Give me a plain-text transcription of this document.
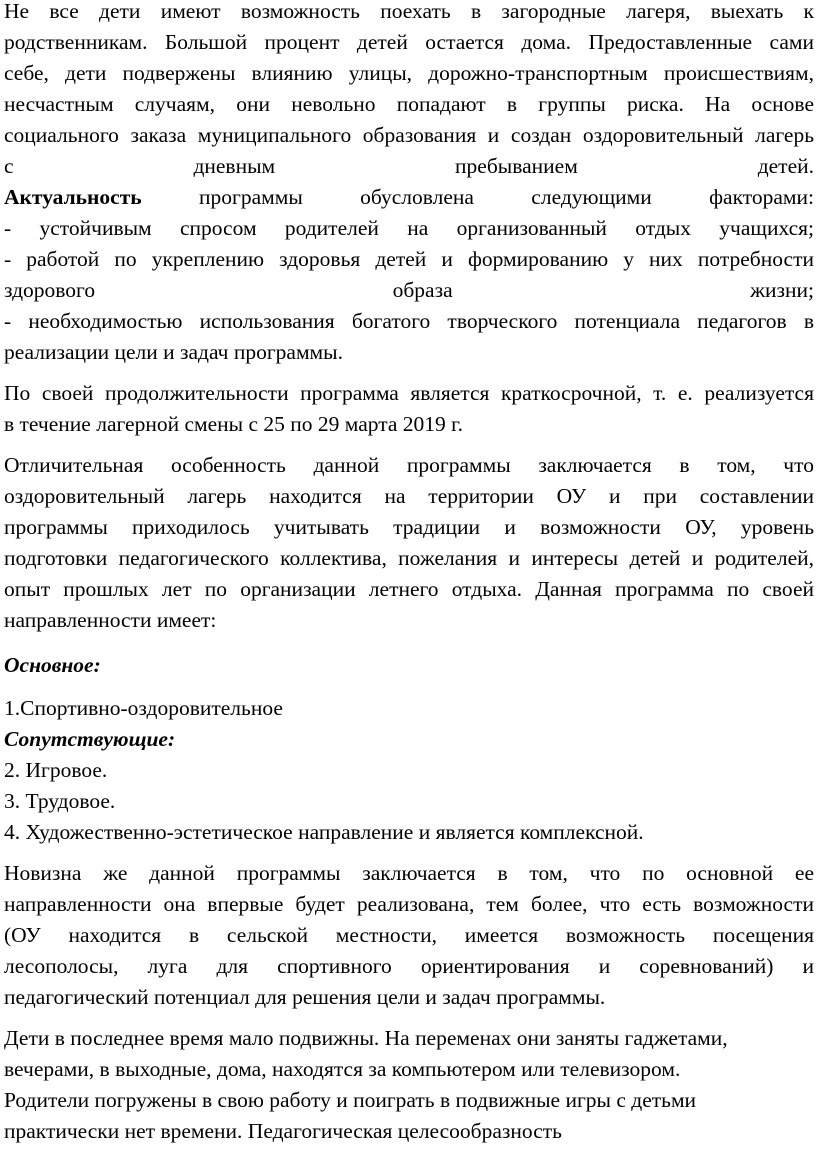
Не все дети имеют возможность поехать в загородные лагеря, выехать к
родственникам. Большой процент детей остается дома. Предоставленные сами
себе, дети подвержены влиянию улицы, дорожно-транспортным происшествиям,
несчастным случаям, они невольно попадают в группы риска. На основе
социального заказа муниципального образования и создан оздоровительный лагерь
с дневным пребыванием детей.
Актуальность программы обусловлена следующими факторами:
- устойчивым спросом родителей на организованный отдых учащихся;
- работой по укреплению здоровья детей и формированию у них потребности
здорового образа жизни;
- необходимостью использования богатого творческого потенциала педагогов в
реализации цели и задач программы.
По своей продолжительности программа является краткосрочной, т. е. реализуется
в течение лагерной смены с 25 по 29 марта 2019 г.
Отличительная особенность данной программы заключается в том, что
оздоровительный лагерь находится на территории ОУ и при составлении
программы приходилось учитывать традиции и возможности ОУ, уровень
подготовки педагогического коллектива, пожелания и интересы детей и родителей,
опыт прошлых лет по организации летнего отдыха. Данная программа по своей
направленности имеет:
Основное:
1.Спортивно-оздоровительное
Сопутствующие:
2. Игровое.
3. Трудовое.
4. Художественно-эстетическое направление и является комплексной.
Новизна же данной программы заключается в том, что по основной ее
направленности она впервые будет реализована, тем более, что есть возможности
(ОУ находится в сельской местности, имеется возможность посещения
лесополосы, луга для спортивного ориентирования и соревнований) и
педагогический потенциал для решения цели и задач программы.
Дети в последнее время мало подвижны. На переменах они заняты гаджетами,
вечерами, в выходные, дома, находятся за компьютером или телевизором.
Родители погружены в свою работу и поиграть в подвижные игры с детьми
практически нет времени. Педагогическая целесообразность
